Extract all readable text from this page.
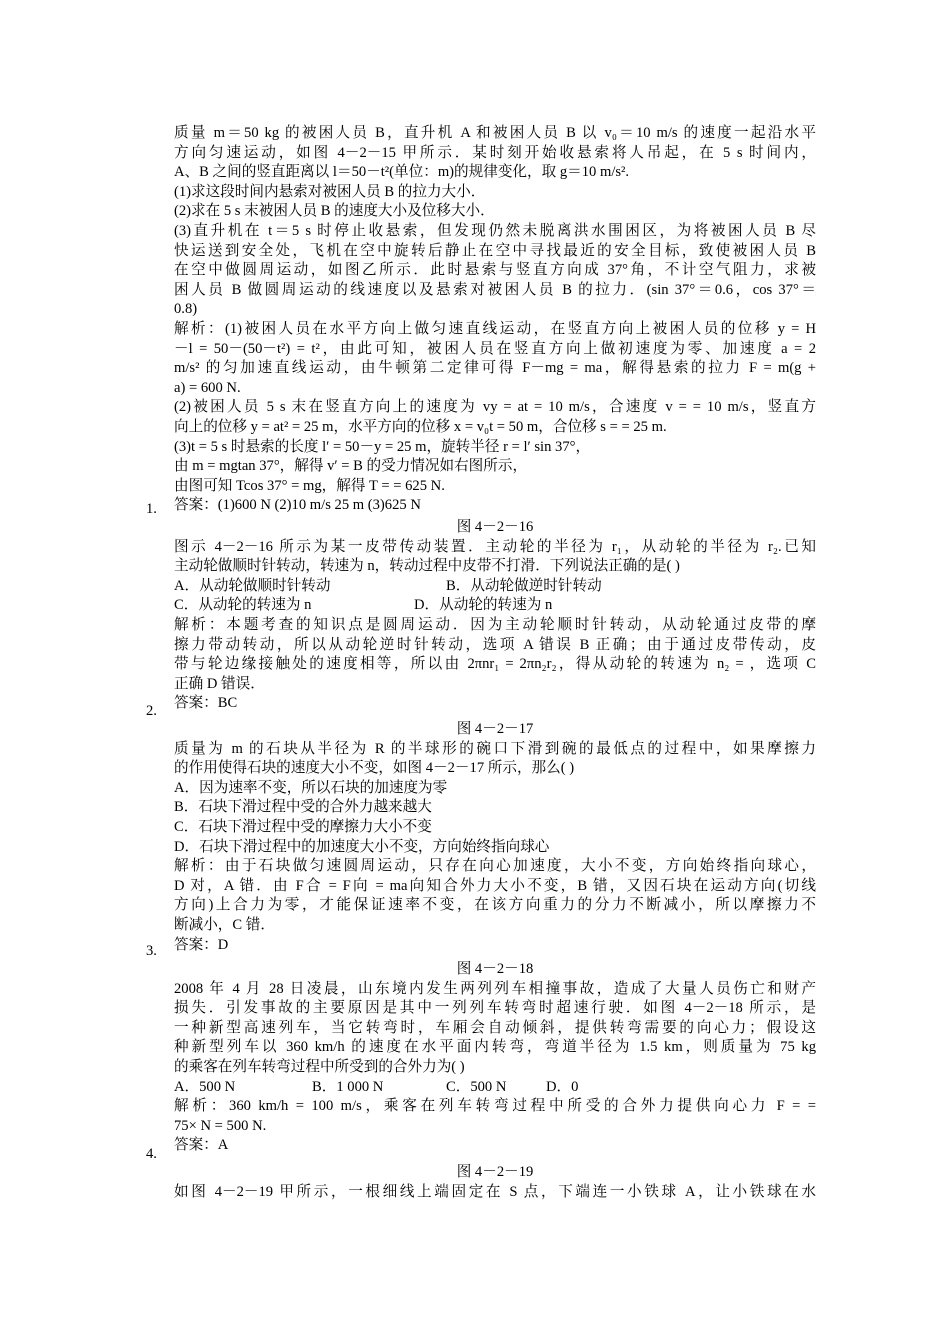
质量 m＝50 kg 的被困人员 B，直升机 A 和被困人员 B 以 v₀＝10 m/s 的速度一起沿水平
方向匀速运动，如图 4－2－15 甲所示．某时刻开始收悬索将人吊起，在 5 s 时间内，
A、B 之间的竖直距离以 l＝50－t²(单位：m)的规律变化，取 g＝10 m/s².
(1)求这段时间内悬索对被困人员 B 的拉力大小．
(2)求在 5 s 末被困人员 B 的速度大小及位移大小．
(3)直升机在 t＝5 s 时停止收悬索，但发现仍然未脱离洪水围困区，为将被困人员 B 尽
快运送到安全处，飞机在空中旋转后静止在空中寻找最近的安全目标，致使被困人员 B
在空中做圆周运动，如图乙所示．此时悬索与竖直方向成 37°角，不计空气阻力，求被
困人员 B 做圆周运动的线速度以及悬索对被困人员 B 的拉力．(sin 37°＝0.6，cos 37°＝
0.8)
解析：(1)被困人员在水平方向上做匀速直线运动，在竖直方向上被困人员的位移 y = H
－l = 50－(50－t²) = t²，由此可知，被困人员在竖直方向上做初速度为零、加速度 a = 2
m/s² 的匀加速直线运动，由牛顿第二定律可得 F－mg = ma，解得悬索的拉力 F = m(g +
a) = 600 N.
(2)被困人员 5 s 末在竖直方向上的速度为 vy = at = 10 m/s，合速度 v = = 10 m/s，竖直方
向上的位移 y = at² = 25 m，水平方向的位移 x = v₀t = 50 m，合位移 s = = 25 m.
(3)t = 5 s 时悬索的长度 l′ = 50－y = 25 m，旋转半径 r = l′ sin 37°，
由 m = mgtan 37°，解得 v′ = B 的受力情况如右图所示，
由图可知 Tcos 37° = mg，解得 T = = 625 N.
答案：(1)600 N (2)10 m/s 25 m (3)625 N
1.
图 4－2－16
图示 4－2－16 所示为某一皮带传动装置．主动轮的半径为 r₁，从动轮的半径为 r₂.已知
主动轮做顺时针转动，转速为 n，转动过程中皮带不打滑．下列说法正确的是( )
A．从动轮做顺时针转动	B．从动轮做逆时针转动
C．从动轮的转速为 n	D．从动轮的转速为 n
解析：本题考查的知识点是圆周运动．因为主动轮顺时针转动，从动轮通过皮带的摩
擦力带动转动，所以从动轮逆时针转动，选项 A 错误 B 正确；由于通过皮带传动，皮
带与轮边缘接触处的速度相等，所以由 2πnr₁ = 2πn₂r₂，得从动轮的转速为 n₂ = ，选项 C
正确 D 错误．
答案：BC
2.
图 4－2－17
质量为 m 的石块从半径为 R 的半球形的碗口下滑到碗的最低点的过程中，如果摩擦力
的作用使得石块的速度大小不变，如图 4－2－17 所示，那么( )
A．因为速率不变，所以石块的加速度为零
B．石块下滑过程中受的合外力越来越大
C．石块下滑过程中受的摩擦力大小不变
D．石块下滑过程中的加速度大小不变，方向始终指向球心
解析：由于石块做匀速圆周运动，只存在向心加速度，大小不变，方向始终指向球心，
D 对，A 错．由 F合 = F向 = ma向知合外力大小不变，B 错，又因石块在运动方向(切线
方向)上合力为零，才能保证速率不变，在该方向重力的分力不断减小，所以摩擦力不
断减小，C 错．
答案：D
3.
图 4－2－18
2008 年 4 月 28 日凌晨，山东境内发生两列列车相撞事故，造成了大量人员伤亡和财产
损失．引发事故的主要原因是其中一列列车转弯时超速行驶．如图 4－2－18 所示，是
一种新型高速列车，当它转弯时，车厢会自动倾斜，提供转弯需要的向心力；假设这
种新型列车以 360 km/h 的速度在水平面内转弯，弯道半径为 1.5 km，则质量为 75 kg
的乘客在列车转弯过程中所受到的合外力为( )
A．500 N	B．1 000 N	C．500 N	D．0
解析：360 km/h = 100 m/s，乘客在列车转弯过程中所受的合外力提供向心力 F = =
75× N = 500 N.
答案：A
4.
图 4－2－19
如图 4－2－19 甲所示，一根细线上端固定在 S 点，下端连一小铁球 A，让小铁球在水
